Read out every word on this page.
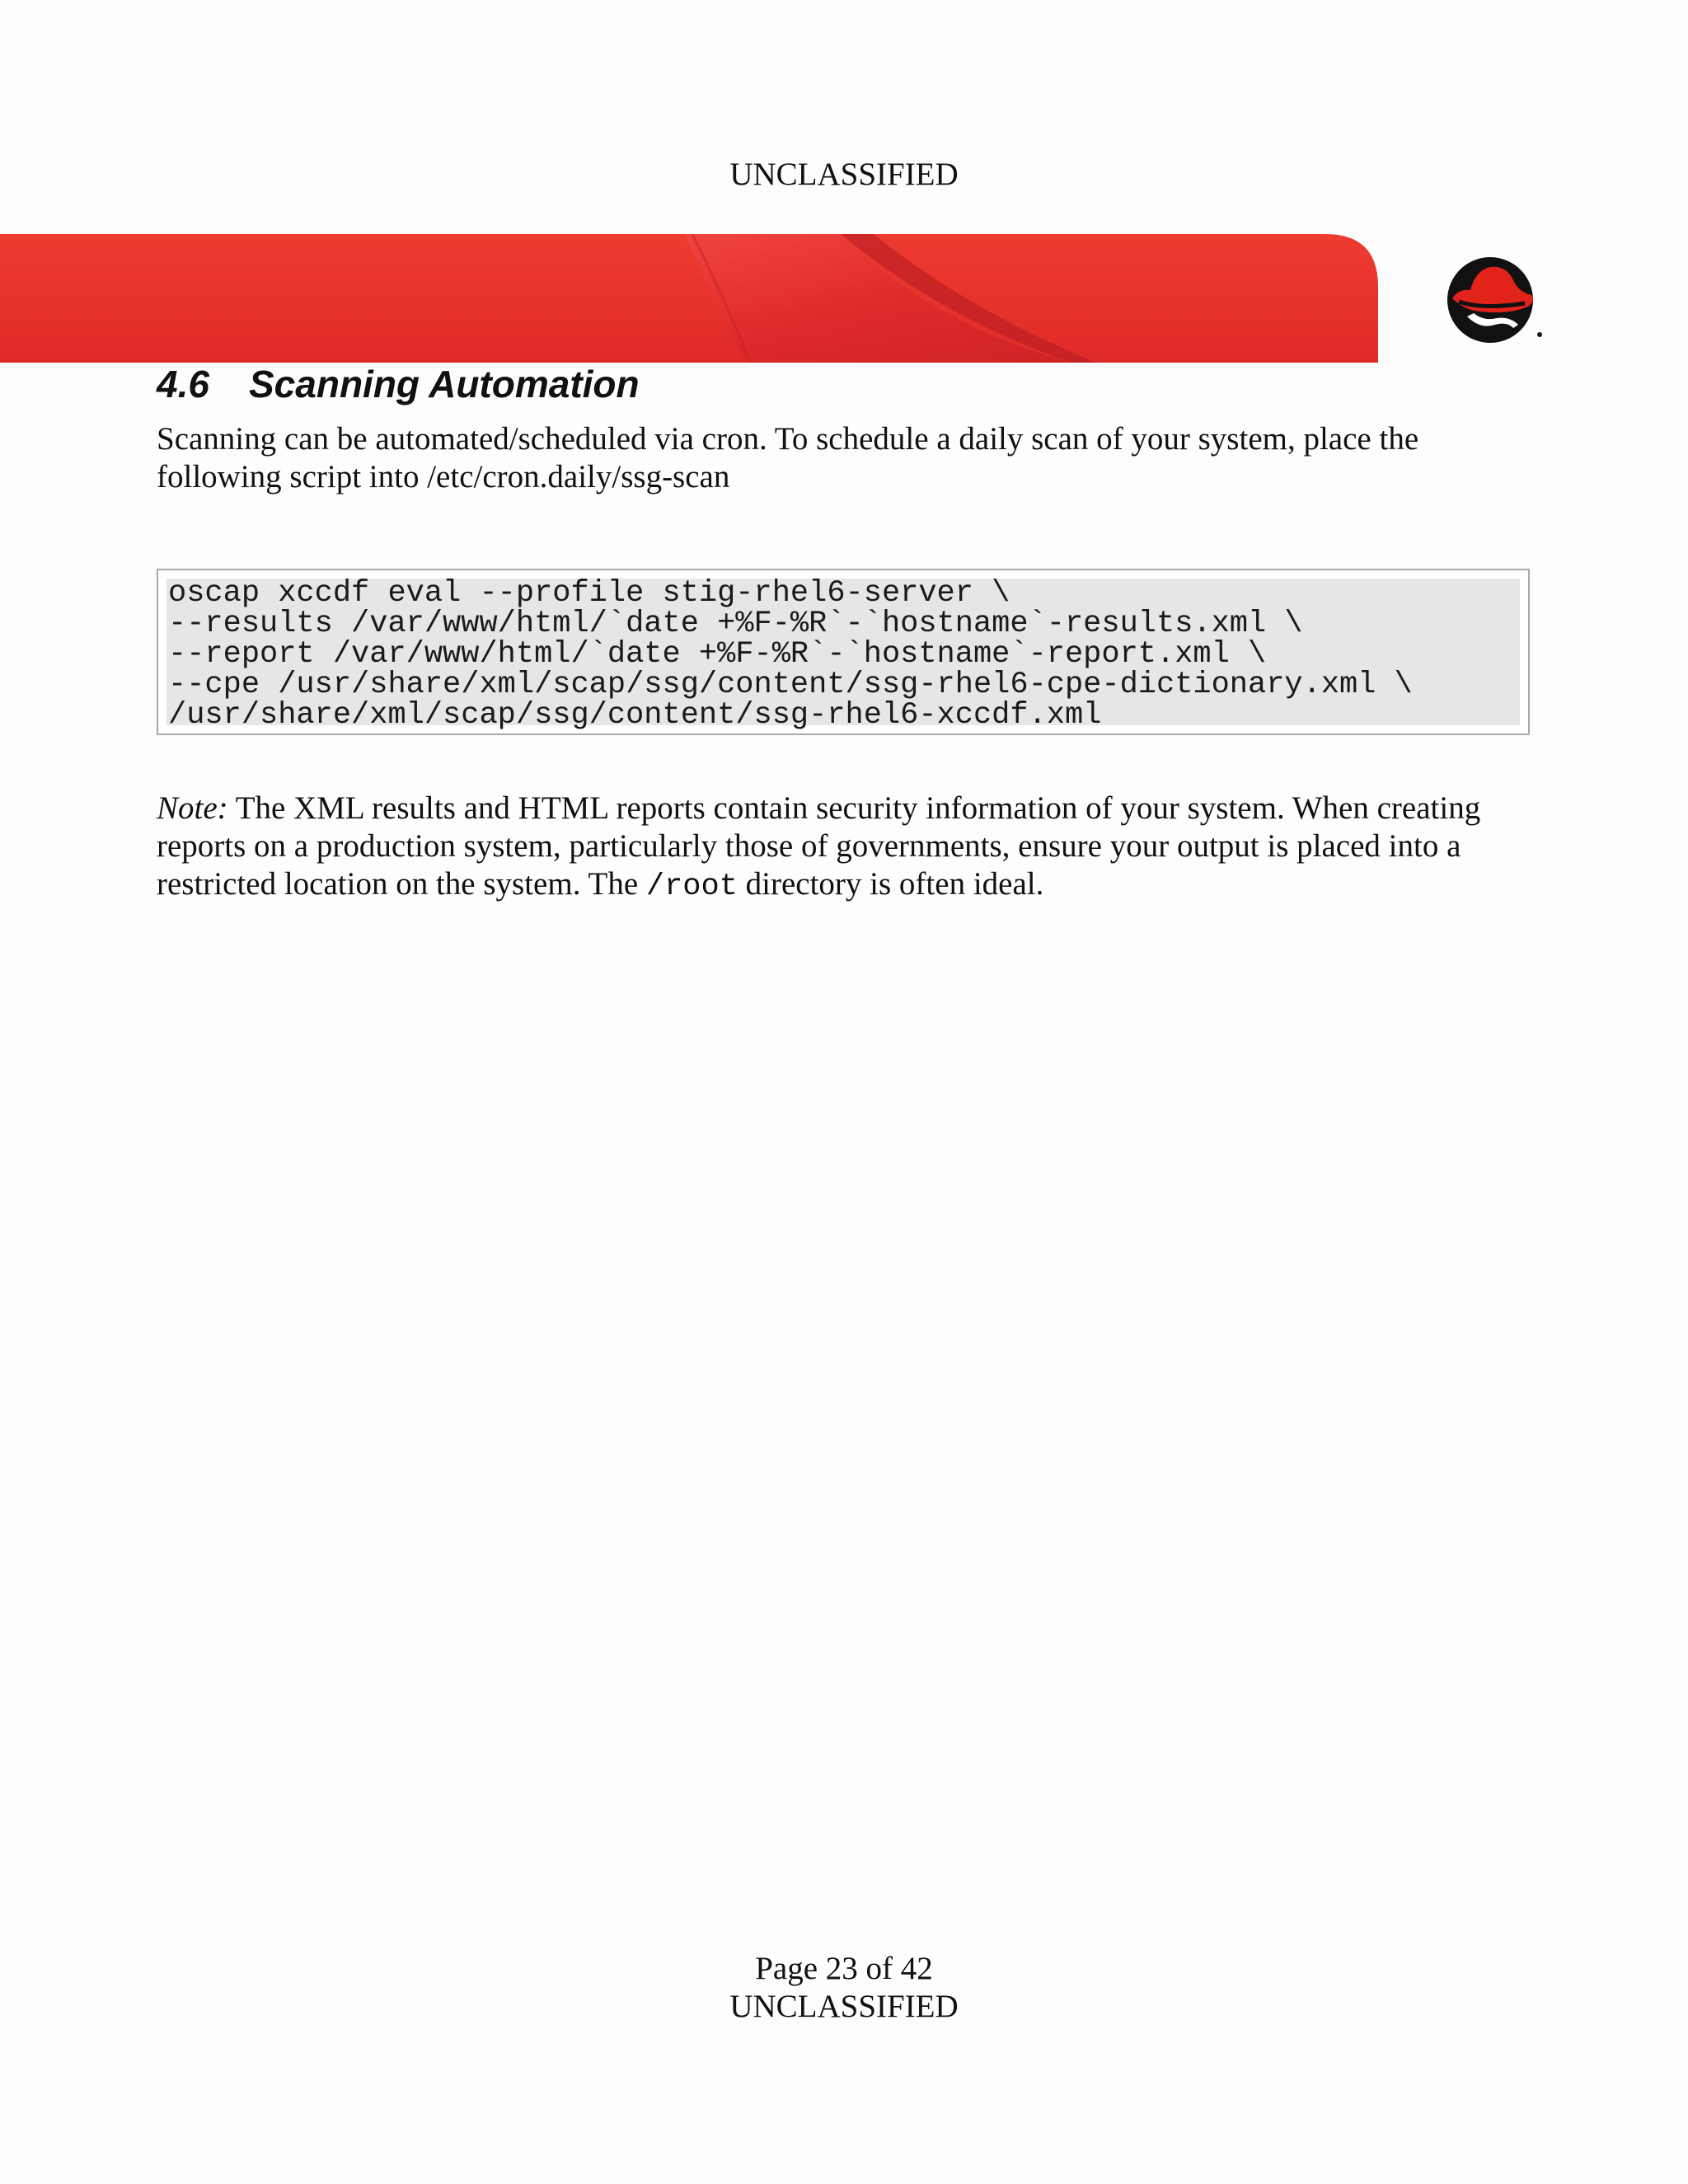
UNCLASSIFIED
4.6 Scanning Automation

Scanning can be automated/scheduled via cron. To schedule a daily scan of your system, place the following script into /etc/cron.daily/ssg-scan

oscap xccdf eval --profile stig-rhel6-server \
--results /var/www/html/`date +%F-%R`-`hostname`-results.xml \
--report /var/www/html/`date +%F-%R`-`hostname`-report.xml \
--cpe /usr/share/xml/scap/ssg/content/ssg-rhel6-cpe-dictionary.xml \
/usr/share/xml/scap/ssg/content/ssg-rhel6-xccdf.xml

Note: The XML results and HTML reports contain security information of your system. When creating reports on a production system, particularly those of governments, ensure your output is placed into a restricted location on the system. The /root directory is often ideal.

Page 23 of 42
UNCLASSIFIED
